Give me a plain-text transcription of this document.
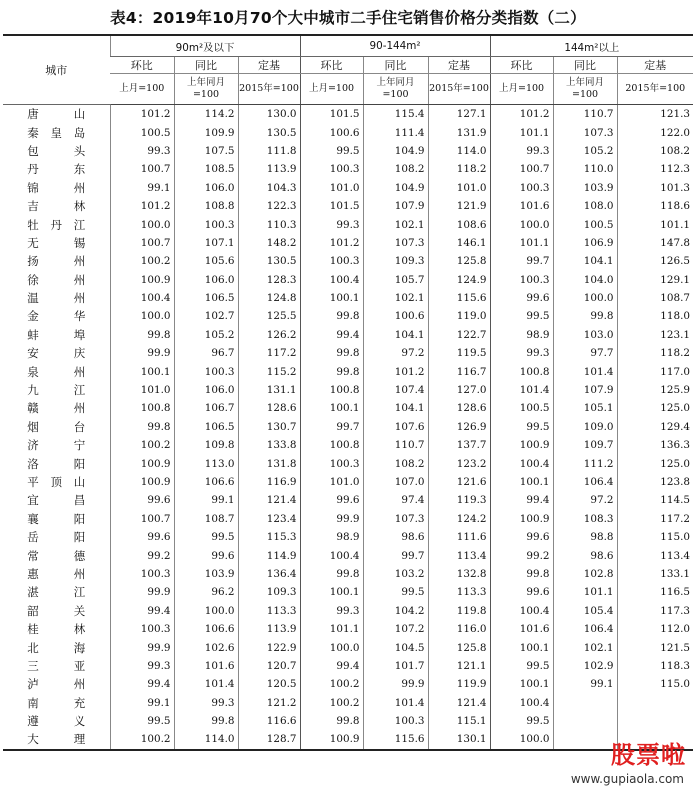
表4：2019年10月70个大中城市二手住宅销售价格分类指数（二）
城市	90m²及以下			90-144m²			144m²以上		
	环比	同比	定基	环比	同比	定基	环比	同比	定基
	上月=100	上年同月=100	2015年=100	上月=100	上年同月=100	2015年=100	上月=100	上年同月=100	2015年=100

唐山	101.2	114.2	130.0	101.5	115.4	127.1	101.2	110.7	121.3

秦皇岛	100.5	109.9	130.5	100.6	111.4	131.9	101.1	107.3	122.0

包头	99.3	107.5	111.8	99.5	104.9	114.0	99.3	105.2	108.2

丹东	100.7	108.5	113.9	100.3	108.2	118.2	100.7	110.0	112.3

锦州	99.1	106.0	104.3	101.0	104.9	101.0	100.3	103.9	101.3

吉林	101.2	108.8	122.3	101.5	107.9	121.9	101.6	108.0	118.6

牡丹江	100.0	100.3	110.3	99.3	102.1	108.6	100.0	100.5	101.1

无锡	100.7	107.1	148.2	101.2	107.3	146.1	101.1	106.9	147.8

扬州	100.2	105.6	130.5	100.3	109.3	125.8	99.7	104.1	126.5

徐州	100.9	106.0	128.3	100.4	105.7	124.9	100.3	104.0	129.1

温州	100.4	106.5	124.8	100.1	102.1	115.6	99.6	100.0	108.7

金华	100.0	102.7	125.5	99.8	100.6	119.0	99.5	99.8	118.0

蚌埠	99.8	105.2	126.2	99.4	104.1	122.7	98.9	103.0	123.1

安庆	99.9	96.7	117.2	99.8	97.2	119.5	99.3	97.7	118.2

泉州	100.1	100.3	115.2	99.8	101.2	116.7	100.8	101.4	117.0

九江	101.0	106.0	131.1	100.8	107.4	127.0	101.4	107.9	125.9

赣州	100.8	106.7	128.6	100.1	104.1	128.6	100.5	105.1	125.0

烟台	99.8	106.5	130.7	99.7	107.6	126.9	99.5	109.0	129.4

济宁	100.2	109.8	133.8	100.8	110.7	137.7	100.9	109.7	136.3

洛阳	100.9	113.0	131.8	100.3	108.2	123.2	100.4	111.2	125.0

平顶山	100.9	106.6	116.9	101.0	107.0	121.6	100.1	106.4	123.8

宜昌	99.6	99.1	121.4	99.6	97.4	119.3	99.4	97.2	114.5

襄阳	100.7	108.7	123.4	99.9	107.3	124.2	100.9	108.3	117.2

岳阳	99.6	99.5	115.3	98.9	98.6	111.6	99.6	98.8	115.0

常德	99.2	99.6	114.9	100.4	99.7	113.4	99.2	98.6	113.4

惠州	100.3	103.9	136.4	99.8	103.2	132.8	99.8	102.8	133.1

湛江	99.9	96.2	109.3	100.1	99.5	113.3	99.6	101.1	116.5

韶关	99.4	100.0	113.3	99.3	104.2	119.8	100.4	105.4	117.3

桂林	100.3	106.6	113.9	101.1	107.2	116.0	101.6	106.4	112.0

北海	99.9	102.6	122.9	100.0	104.5	125.8	100.1	102.1	121.5

三亚	99.3	101.6	120.7	99.4	101.7	121.1	99.5	102.9	118.3

泸州	99.4	101.4	120.5	100.2	99.9	119.9	100.1	99.1	115.0

南充	99.1	99.3	121.2	100.2	101.4	121.4	100.4		

遵义	99.5	99.8	116.6	99.8	100.3	115.1	99.5		

大理	100.2	114.0	128.7	100.9	115.6	130.1	100.0		
股票啦
www.gupiaola.com
